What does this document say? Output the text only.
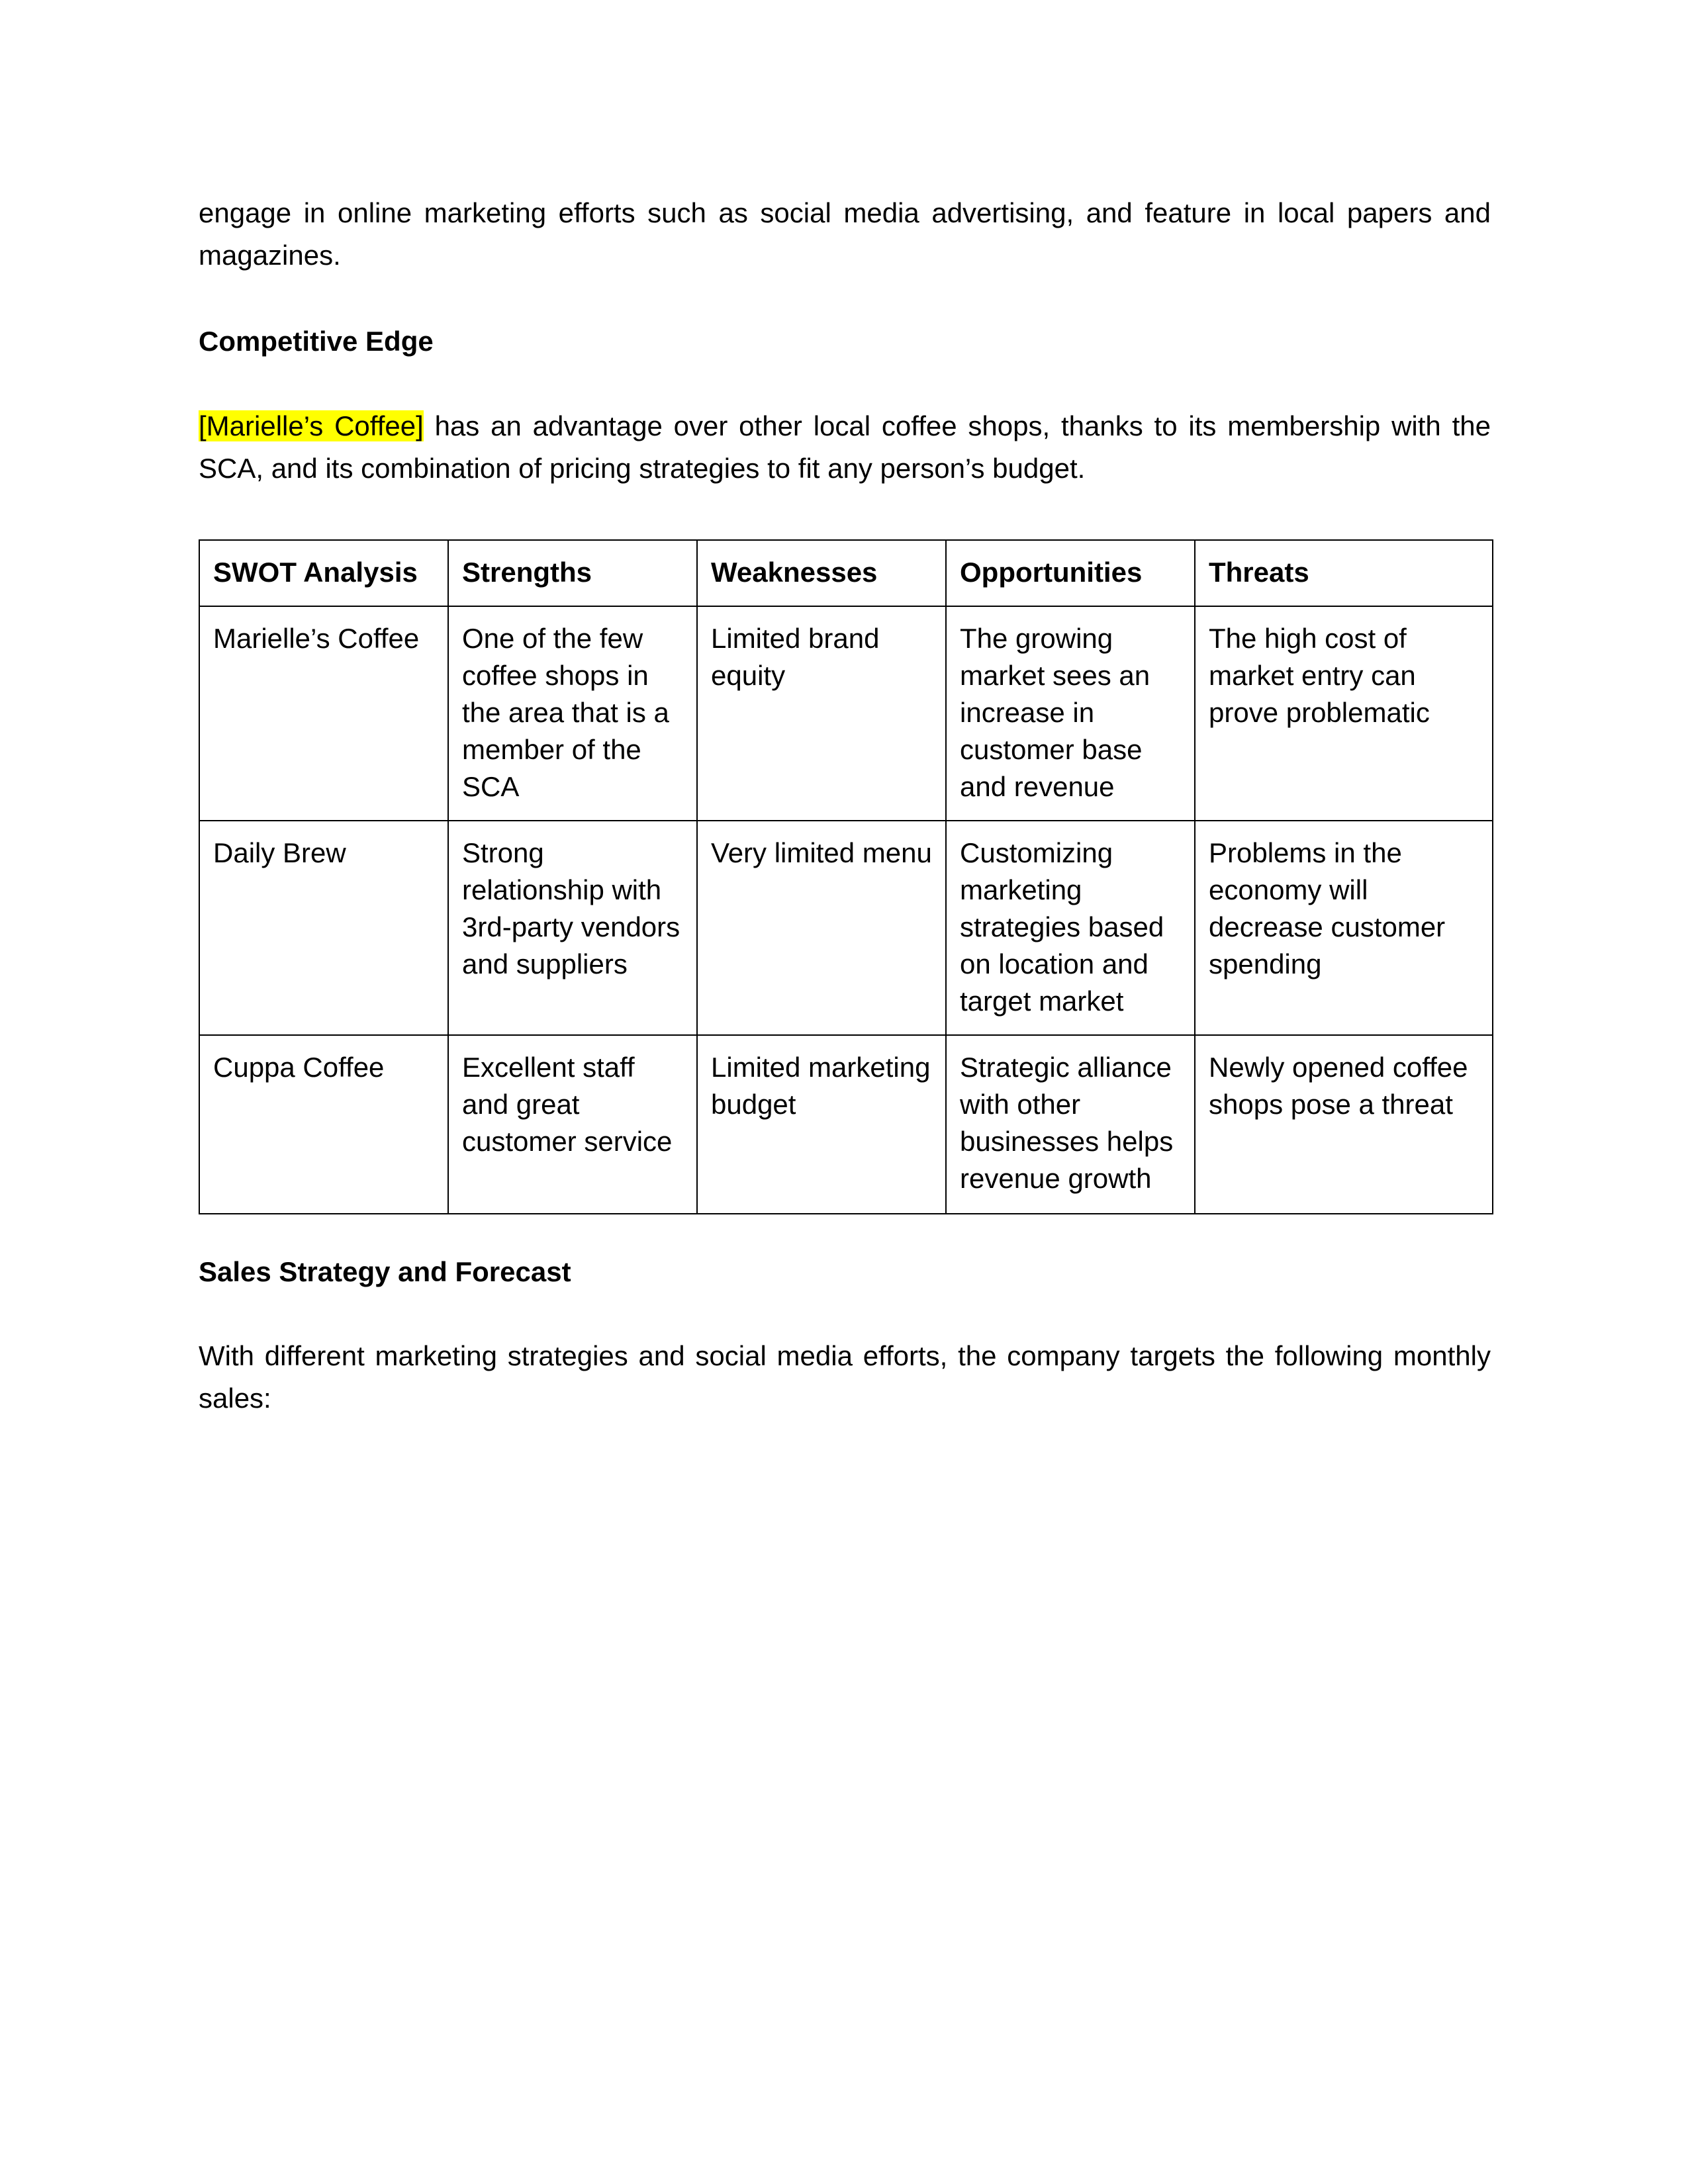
engage in online marketing efforts such as social media advertising, and feature in local papers and

magazines.

Competitive Edge

[Marielle’s Coffee] has an advantage over other local coffee shops, thanks to its membership with the

SCA, and its combination of pricing strategies to fit any person’s budget.

SWOT Analysis	Strengths	Weaknesses	Opportunities	Threats
Marielle’s Coffee	One of the few coffee shops in the area that is a member of the SCA	Limited brand equity	The growing market sees an increase in customer base and revenue	The high cost of market entry can prove problematic
Daily Brew	Strong relationship with 3rd-party vendors and suppliers	Very limited menu	Customizing marketing strategies based on location and target market	Problems in the economy will decrease customer spending
Cuppa Coffee	Excellent staff and great customer service	Limited marketing budget	Strategic alliance with other businesses helps revenue growth	Newly opened coffee shops pose a threat

Sales Strategy and Forecast

With different marketing strategies and social media efforts, the company targets the following monthly

sales:
